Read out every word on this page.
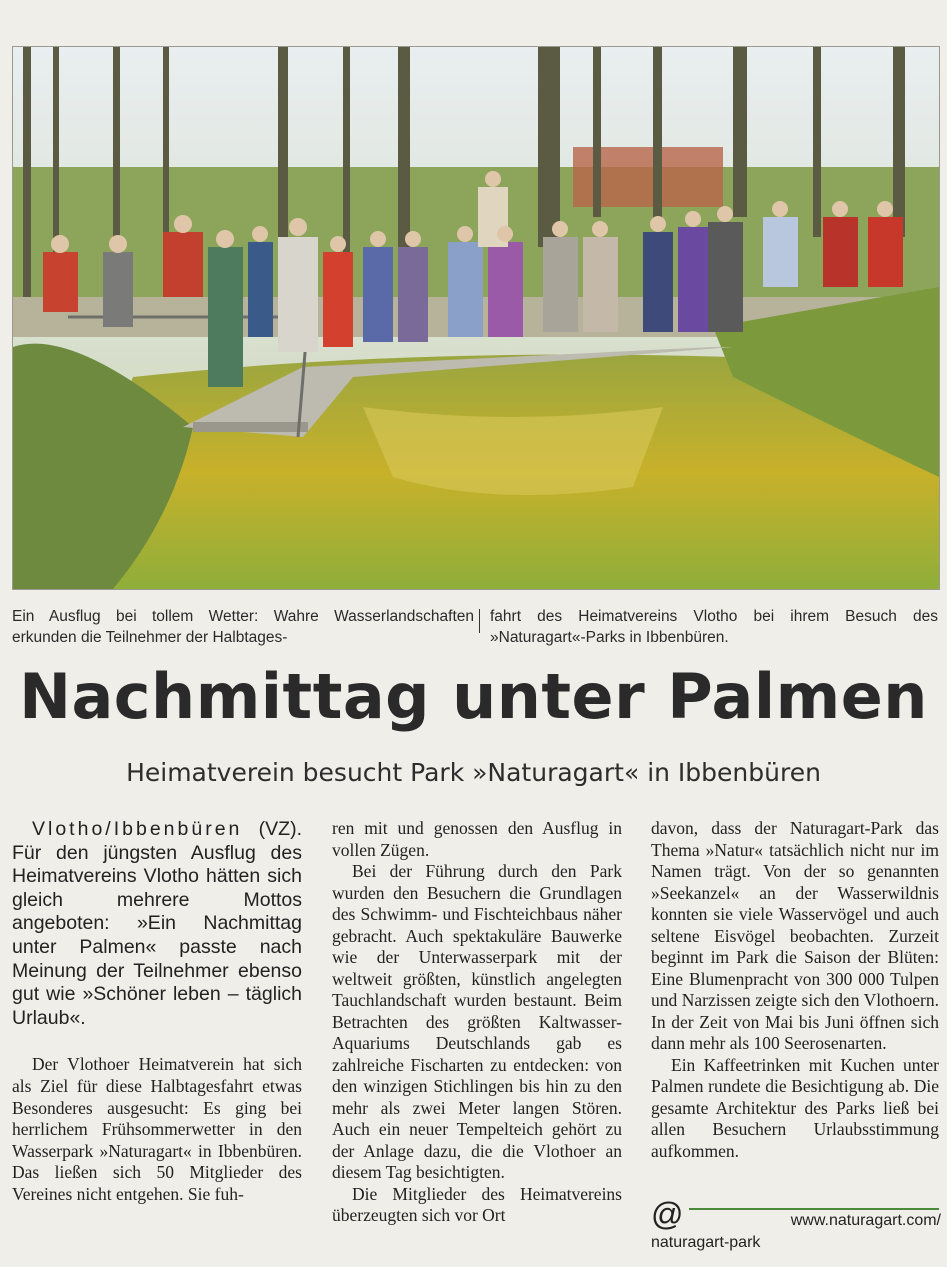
Ein Ausflug bei tollem Wetter: Wahre Wasserlandschaften erkunden die Teilnehmer der Halbtages-
fahrt des Heimatvereins Vlotho bei ihrem Besuch des »Naturagart«-Parks in Ibbenbüren.
Nachmittag unter Palmen
Heimatverein besucht Park »Naturagart« in Ibbenbüren
Vlotho/Ibbenbüren (VZ). Für den jüngsten Ausflug des Heimatvereins Vlotho hätten sich gleich mehrere Mottos angeboten: »Ein Nachmittag unter Palmen« passte nach Meinung der Teilnehmer ebenso gut wie »Schöner leben – täglich Urlaub«.
Der Vlothoer Heimatverein hat sich als Ziel für diese Halbtagesfahrt etwas Besonderes ausgesucht: Es ging bei herrlichem Frühsommerwetter in den Wasserpark »Naturagart« in Ibbenbüren. Das ließen sich 50 Mitglieder des Vereines nicht entgehen. Sie fuh-

ren mit und genossen den Ausflug in vollen Zügen.

Bei der Führung durch den Park wurden den Besuchern die Grundlagen des Schwimm- und Fischteichbaus näher gebracht. Auch spektakuläre Bauwerke wie der Unterwasserpark mit der weltweit größten, künstlich angelegten Tauchlandschaft wurden bestaunt. Beim Betrachten des größten Kaltwasser-Aquariums Deutschlands gab es zahlreiche Fischarten zu entdecken: von den winzigen Stichlingen bis hin zu den mehr als zwei Meter langen Stören. Auch ein neuer Tempelteich gehört zu der Anlage dazu, die die Vlothoer an diesem Tag besichtigten.

Die Mitglieder des Heimatvereins überzeugten sich vor Ort

davon, dass der Naturagart-Park das Thema »Natur« tatsächlich nicht nur im Namen trägt. Von der so genannten »Seekanzel« an der Wasserwildnis konnten sie viele Wasservögel und auch seltene Eisvögel beobachten. Zurzeit beginnt im Park die Saison der Blüten: Eine Blumenpracht von 300 000 Tulpen und Narzissen zeigte sich den Vlothoern. In der Zeit von Mai bis Juni öffnen sich dann mehr als 100 Seerosenarten.

Ein Kaffeetrinken mit Kuchen unter Palmen rundete die Besichtigung ab. Die gesamte Architektur des Parks ließ bei allen Besuchern Urlaubsstimmung aufkommen.

@	www.naturagart.com/
naturagart-park
